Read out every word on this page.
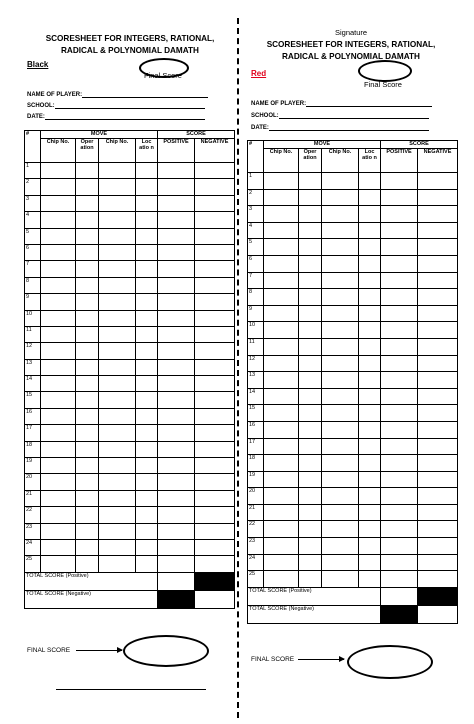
SCORESHEET FOR INTEGERS, RATIONAL,
RADICAL & POLYNOMIAL DAMATH
Black
Final Score
NAME OF PLAYER:
SCHOOL:
DATE:
#	MOVE				SCORE	
	Chip No.	Oper ation	Chip No.	Loc atio n	POSITIVE	NEGATIVE
1						
2						
3						
4						
5						
6						
7						
8						
9						
10						
11						
12						
13						
14						
15						
16						
17						
18						
19						
20						
21						
22						
23						
24						
25						
TOTAL SCORE (Positive)						
TOTAL SCORE (Negative)						
FINAL SCORE
Signature
SCORESHEET FOR INTEGERS, RATIONAL,
RADICAL & POLYNOMIAL DAMATH
Red
Final Score
NAME OF PLAYER:
SCHOOL:
DATE:
#	MOVE				SCORE	
	Chip No.	Oper ation	Chip No.	Loc atio n	POSITIVE	NEGATIVE
1						
2						
3						
4						
5						
6						
7						
8						
9						
10						
11						
12						
13						
14						
15						
16						
17						
18						
19						
20						
21						
22						
23						
24						
25						
TOTAL SCORE (Positive)						
TOTAL SCORE (Negative)						
FINAL SCORE
